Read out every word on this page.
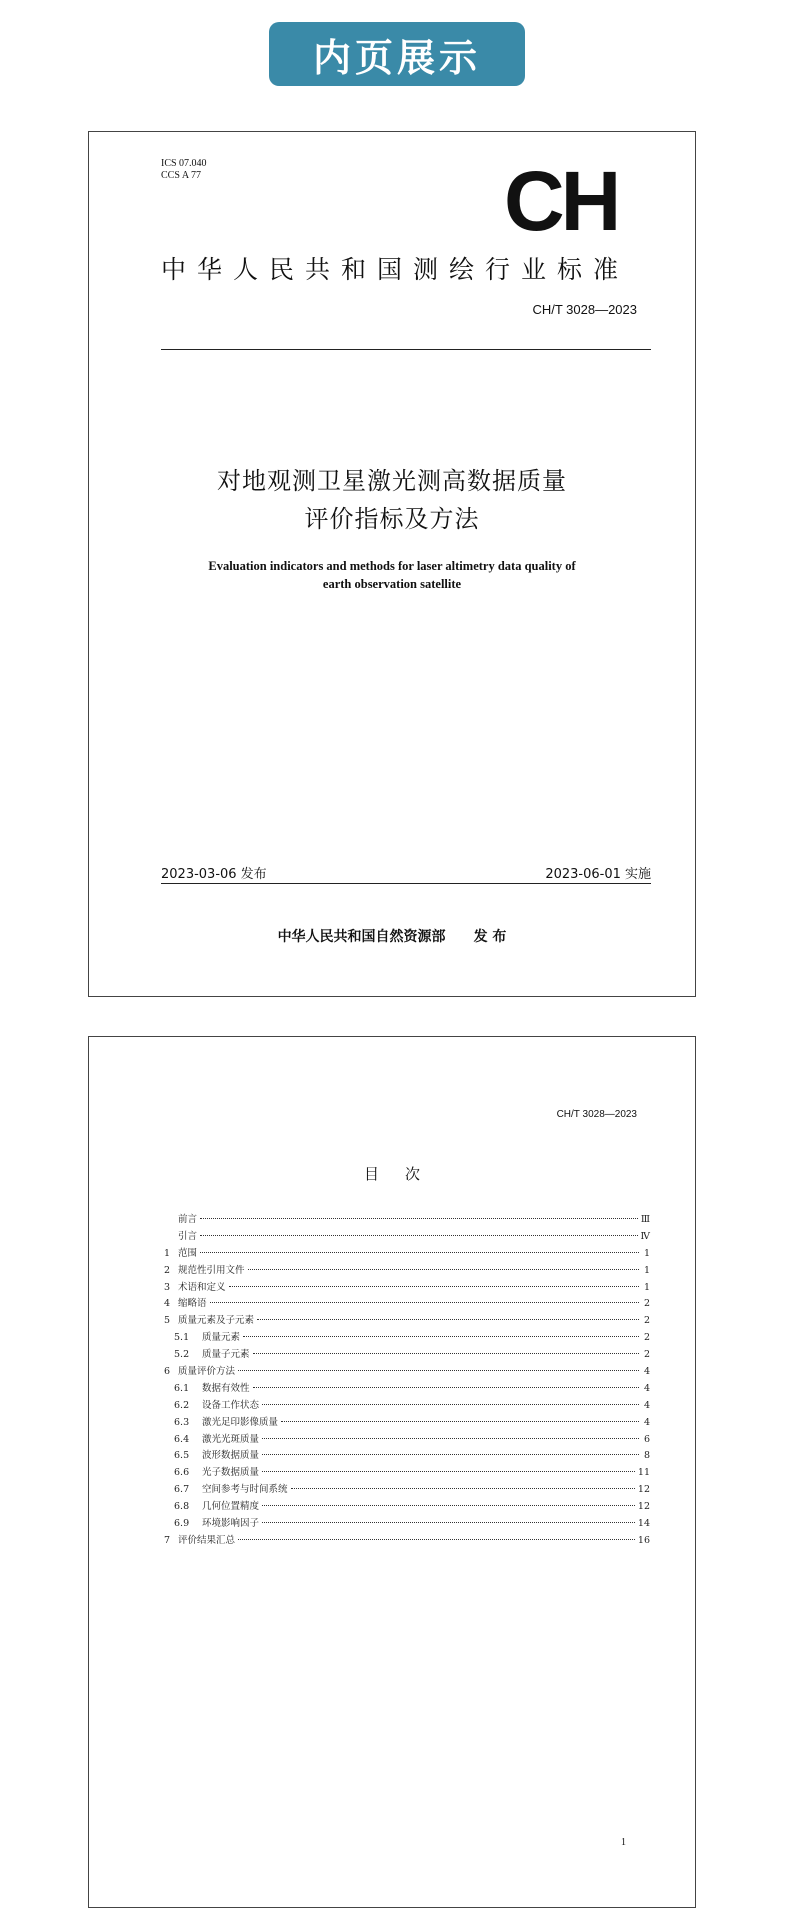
内页展示
ICS 07.040
CCS A 77	CH
中华人民共和国测绘行业标准
CH/T 3028—2023
对地观测卫星激光测高数据质量
评价指标及方法
Evaluation indicators and methods for laser altimetry data quality of
earth observation satellite
2023-03-06 发布	2023-06-01 实施
中华人民共和国自然资源部 发 布
CH/T 3028—2023
目次
前言	Ⅲ
引言	Ⅳ
1 范围	1
2 规范性引用文件	1
3 术语和定义	1
4 缩略语	2
5 质量元素及子元素	2
5.1	质量元素	2
5.2	质量子元素	2
6 质量评价方法	4
6.1	数据有效性	4
6.2	设备工作状态	4
6.3	激光足印影像质量	4
6.4	激光光斑质量	6
6.5	波形数据质量	8
6.6	光子数据质量	11
6.7	空间参考与时间系统	12
6.8	几何位置精度	12
6.9	环境影响因子	14
7 评价结果汇总	16
1
